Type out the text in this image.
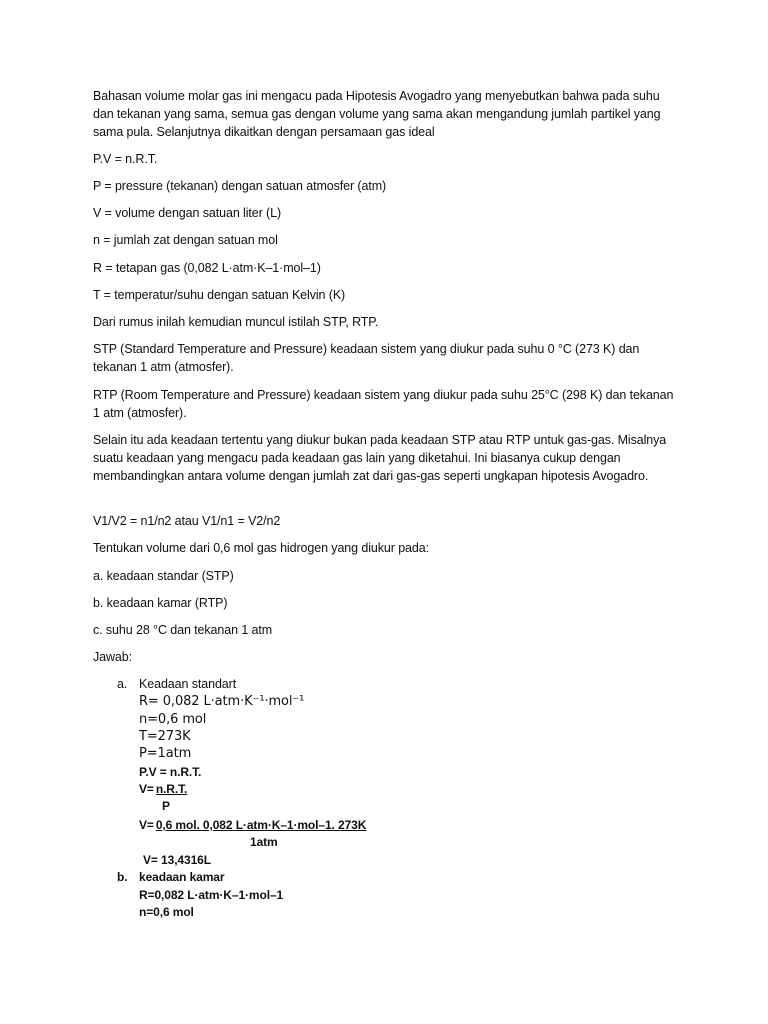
Bahasan volume molar gas ini mengacu pada Hipotesis Avogadro yang menyebutkan bahwa pada suhu dan tekanan yang sama, semua gas dengan volume yang sama akan mengandung jumlah partikel yang sama pula. Selanjutnya dikaitkan dengan persamaan gas ideal

P.V = n.R.T.

P = pressure (tekanan) dengan satuan atmosfer (atm)

V = volume dengan satuan liter (L)

n = jumlah zat dengan satuan mol

R = tetapan gas (0,082 L·atm·K–1·mol–1)

T = temperatur/suhu dengan satuan Kelvin (K)

Dari rumus inilah kemudian muncul istilah STP, RTP.

STP (Standard Temperature and Pressure) keadaan sistem yang diukur pada suhu 0 °C (273 K) dan tekanan 1 atm (atmosfer).

RTP (Room Temperature and Pressure) keadaan sistem yang diukur pada suhu 25°C (298 K) dan tekanan 1 atm (atmosfer).

Selain itu ada keadaan tertentu yang diukur bukan pada keadaan STP atau RTP untuk gas-gas. Misalnya suatu keadaan yang mengacu pada keadaan gas lain yang diketahui. Ini biasanya cukup dengan membandingkan antara volume dengan jumlah zat dari gas-gas seperti ungkapan hipotesis Avogadro.

V1/V2 = n1/n2 atau V1/n1 = V2/n2

Tentukan volume dari 0,6 mol gas hidrogen yang diukur pada:

a. keadaan standar (STP)

b. keadaan kamar (RTP)

c. suhu 28 °C dan tekanan 1 atm

Jawab:

a. Keadaan standart

R= 0,082 L·atm·K⁻¹·mol⁻¹

n=0,6 mol

T=273K

P=1atm

P.V = n.R.T.

V= n.R.T.

P

V= 0,6 mol. 0,082 L·atm·K–1·mol–1. 273K

1atm

V= 13,4316L

b. keadaan kamar

R=0,082 L·atm·K–1·mol–1

n=0,6 mol
